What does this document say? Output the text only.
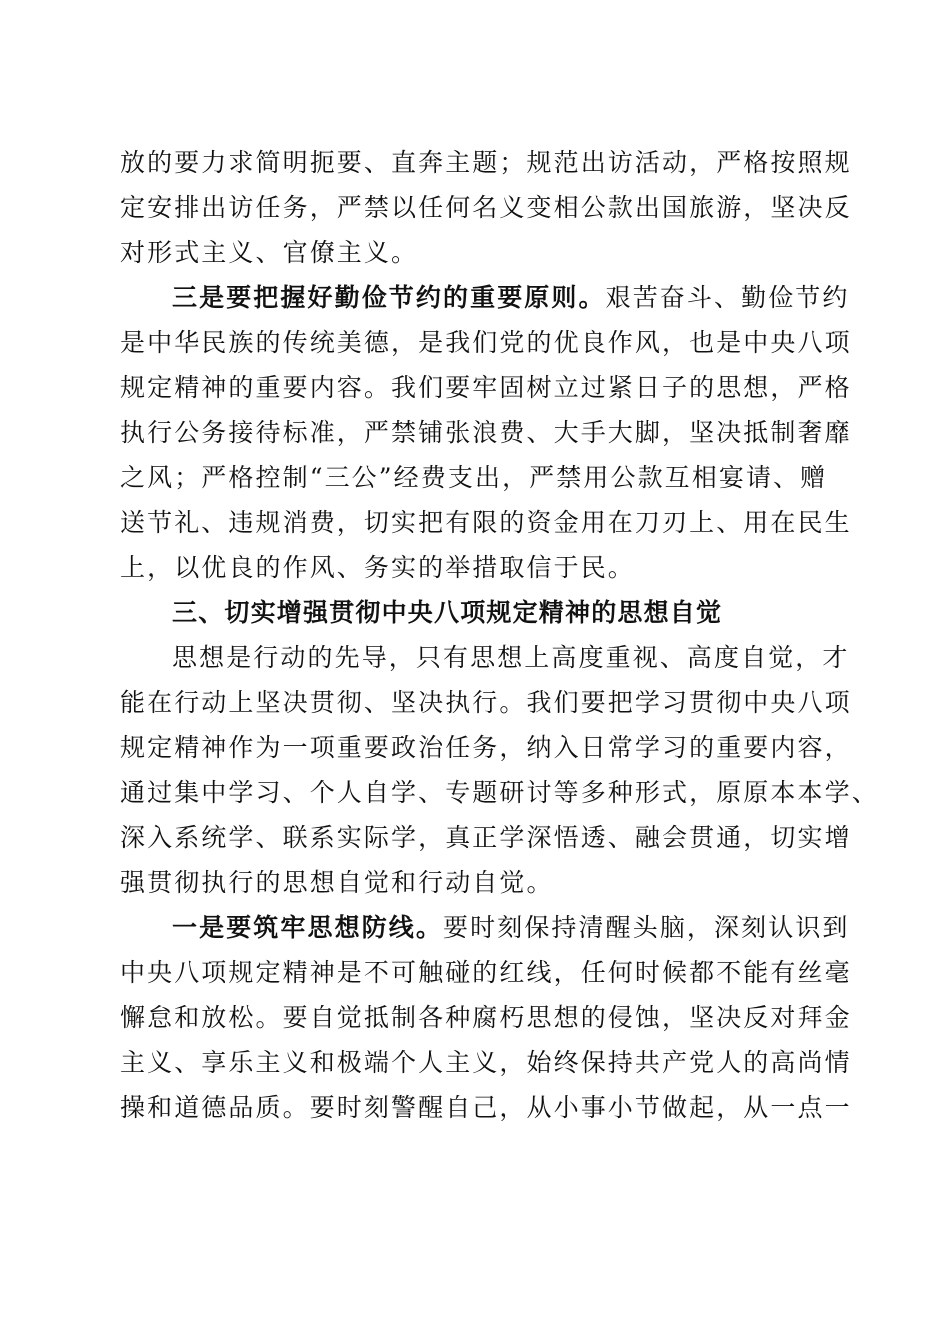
放的要力求简明扼要、直奔主题；规范出访活动，严格按照规
定安排出访任务，严禁以任何名义变相公款出国旅游，坚决反
对形式主义、官僚主义。
三是要把握好勤俭节约的重要原则。艰苦奋斗、勤俭节约
是中华民族的传统美德，是我们党的优良作风，也是中央八项
规定精神的重要内容。我们要牢固树立过紧日子的思想，严格
执行公务接待标准，严禁铺张浪费、大手大脚，坚决抵制奢靡
之风；严格控制“三公”经费支出，严禁用公款互相宴请、赠
送节礼、违规消费，切实把有限的资金用在刀刃上、用在民生
上，以优良的作风、务实的举措取信于民。
三、切实增强贯彻中央八项规定精神的思想自觉
思想是行动的先导，只有思想上高度重视、高度自觉，才
能在行动上坚决贯彻、坚决执行。我们要把学习贯彻中央八项
规定精神作为一项重要政治任务，纳入日常学习的重要内容，
通过集中学习、个人自学、专题研讨等多种形式，原原本本学、
深入系统学、联系实际学，真正学深悟透、融会贯通，切实增
强贯彻执行的思想自觉和行动自觉。
一是要筑牢思想防线。要时刻保持清醒头脑，深刻认识到
中央八项规定精神是不可触碰的红线，任何时候都不能有丝毫
懈怠和放松。要自觉抵制各种腐朽思想的侵蚀，坚决反对拜金
主义、享乐主义和极端个人主义，始终保持共产党人的高尚情
操和道德品质。要时刻警醒自己，从小事小节做起，从一点一
